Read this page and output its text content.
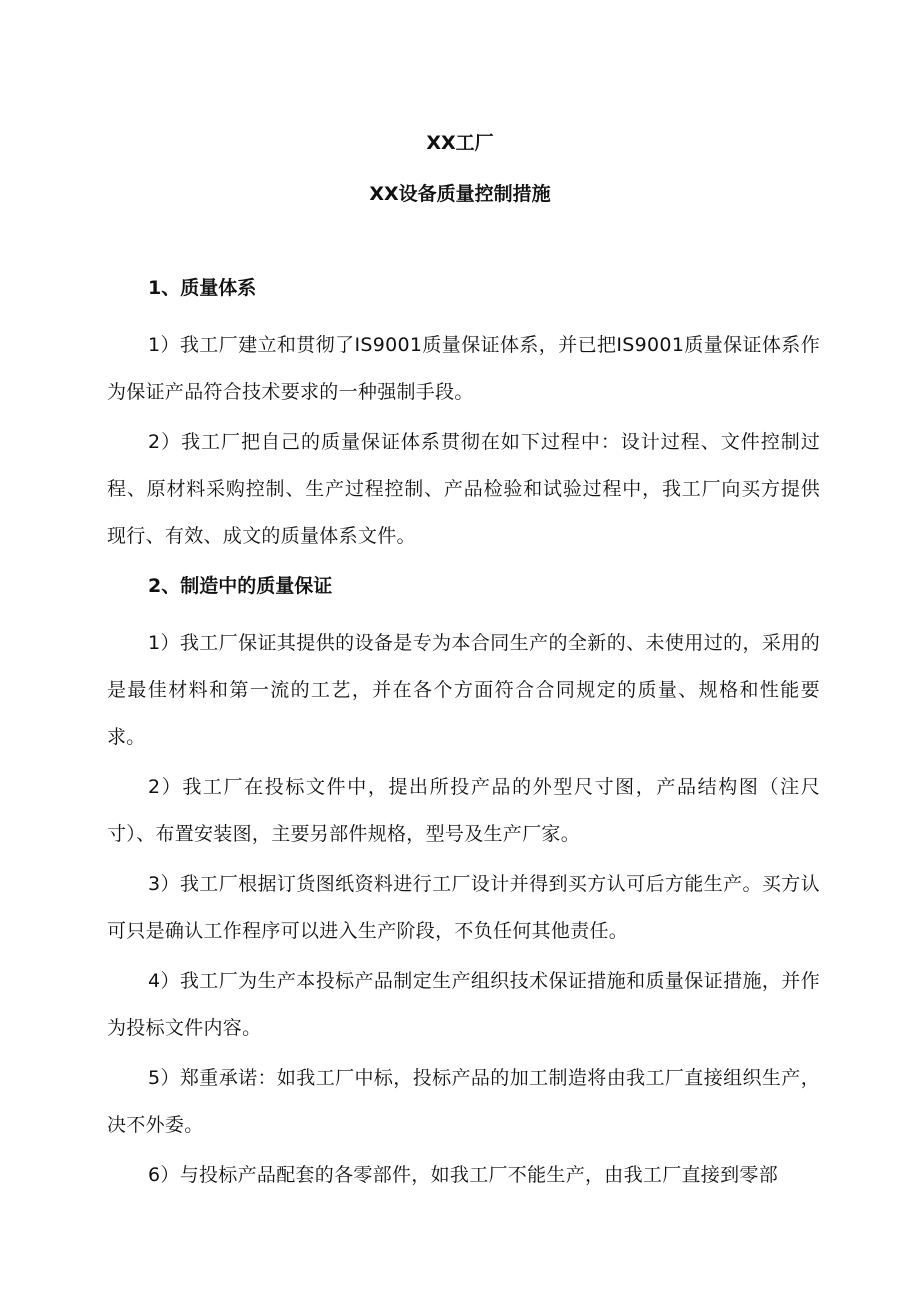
XX工厂
XX设备质量控制措施

1、质量体系

1）我工厂建立和贯彻了IS9001质量保证体系，并已把IS9001质量保证体系作为保证产品符合技术要求的一种强制手段。

2）我工厂把自己的质量保证体系贯彻在如下过程中：设计过程、文件控制过程、原材料采购控制、生产过程控制、产品检验和试验过程中，我工厂向买方提供现行、有效、成文的质量体系文件。

2、制造中的质量保证

1）我工厂保证其提供的设备是专为本合同生产的全新的、未使用过的，采用的是最佳材料和第一流的工艺，并在各个方面符合合同规定的质量、规格和性能要求。

2）我工厂在投标文件中，提出所投产品的外型尺寸图，产品结构图（注尺寸）、布置安装图，主要另部件规格，型号及生产厂家。

3）我工厂根据订货图纸资料进行工厂设计并得到买方认可后方能生产。买方认可只是确认工作程序可以进入生产阶段，不负任何其他责任。

4）我工厂为生产本投标产品制定生产组织技术保证措施和质量保证措施，并作为投标文件内容。

5）郑重承诺：如我工厂中标，投标产品的加工制造将由我工厂直接组织生产，决不外委。

6）与投标产品配套的各零部件，如我工厂不能生产，由我工厂直接到零部
